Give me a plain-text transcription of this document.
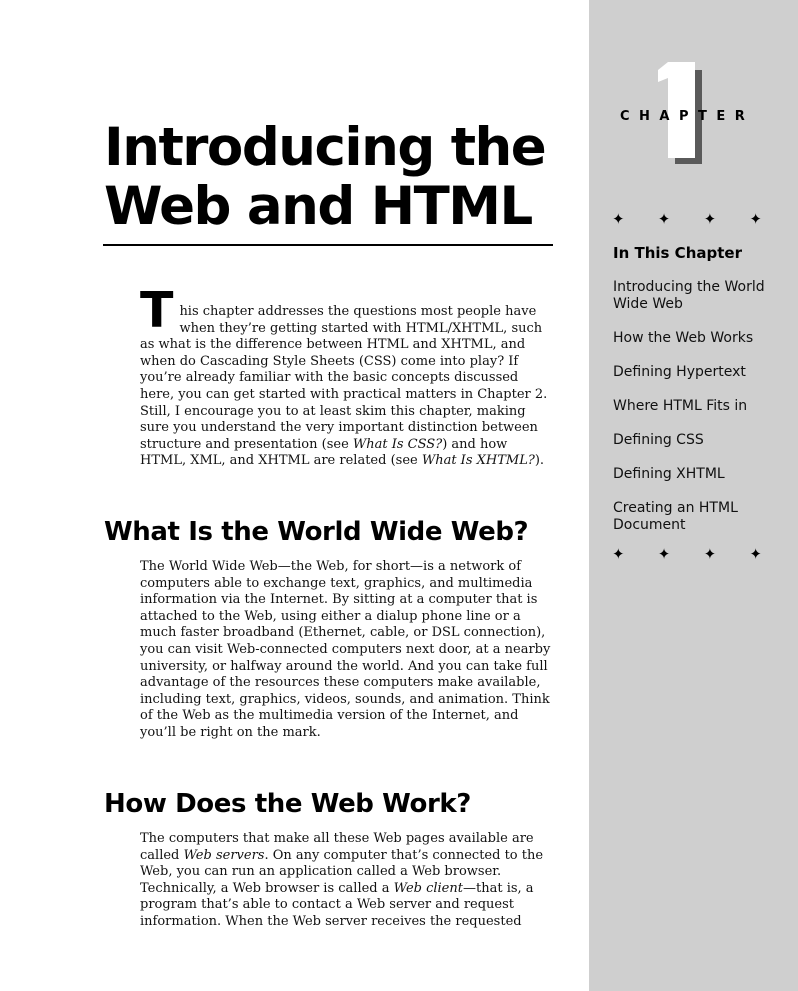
CHAPTER
✦ ✦ ✦ ✦
In This Chapter
Introducing the World Wide Web
How the Web Works
Defining Hypertext
Where HTML Fits in
Defining CSS
Defining XHTML
Creating an HTML Document
✦ ✦ ✦ ✦
Introducing the
Web and HTML
T his chapter addresses the questions most people have when they’re getting started with HTML/XHTML, such as what is the difference between HTML and XHTML, and when do Cascading Style Sheets (CSS) come into play? If you’re already familiar with the basic concepts discussed here, you can get started with practical matters in Chapter 2. Still, I encourage you to at least skim this chapter, making sure you understand the very important distinction between structure and presentation (see What Is CSS?) and how HTML, XML, and XHTML are related (see What Is XHTML?).
What Is the World Wide Web?

The World Wide Web—the Web, for short—is a network of computers able to exchange text, graphics, and multimedia information via the Internet. By sitting at a computer that is attached to the Web, using either a dialup phone line or a much faster broadband (Ethernet, cable, or DSL connection), you can visit Web-connected computers next door, at a nearby university, or halfway around the world. And you can take full advantage of the resources these computers make available, including text, graphics, videos, sounds, and animation. Think of the Web as the multimedia version of the Internet, and you’ll be right on the mark.

How Does the Web Work?

The computers that make all these Web pages available are called Web servers. On any computer that’s connected to the Web, you can run an application called a Web browser. Technically, a Web browser is called a Web client—that is, a program that’s able to contact a Web server and request information. When the Web server receives the requested
